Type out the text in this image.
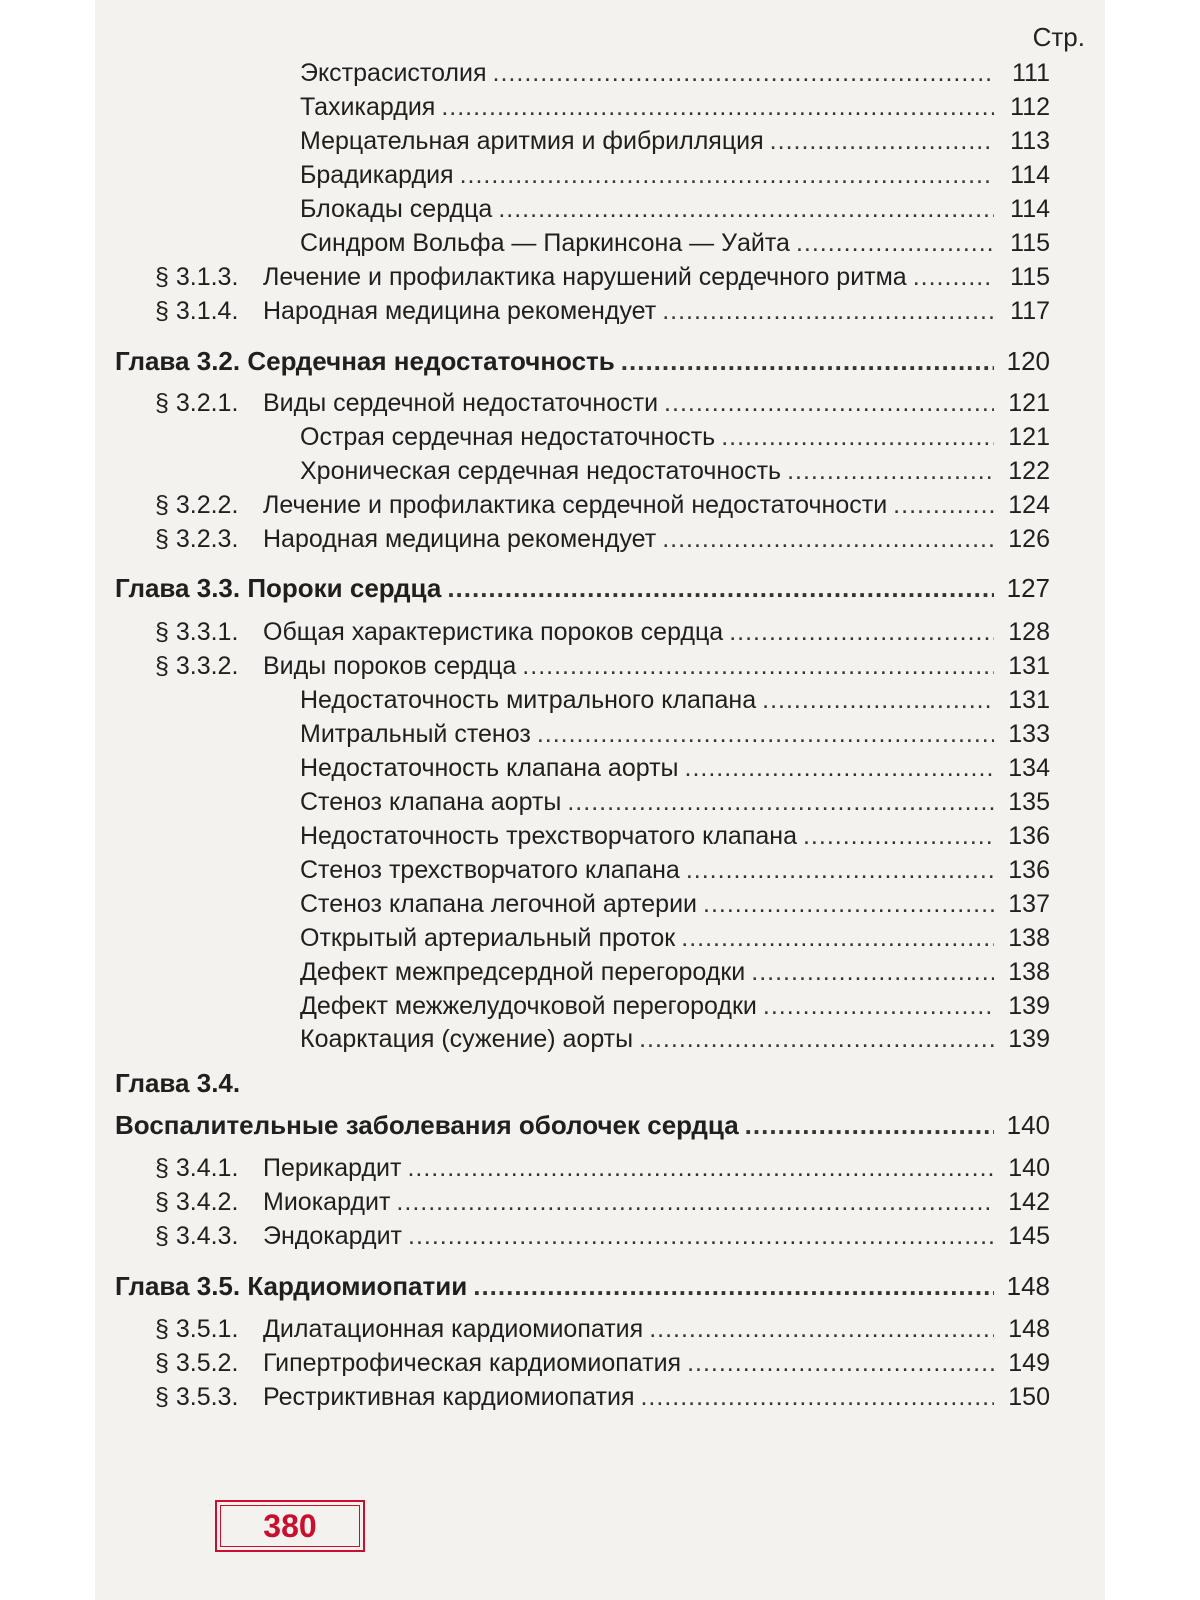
Стр.
Экстрасистолия .....	111
Тахикардия .....	112
Мерцательная аритмия и фибрилляция .....	113
Брадикардия .....	114
Блокады сердца .....	114
Синдром Вольфа — Паркинсона — Уайта .....	115
§ 3.1.3. Лечение и профилактика нарушений сердечного ритма .....	115
§ 3.1.4. Народная медицина рекомендует .....	117
Глава 3.2. Сердечная недостаточность .....	120
§ 3.2.1. Виды сердечной недостаточности .....	121
Острая сердечная недостаточность .....	121
Хроническая сердечная недостаточность .....	122
§ 3.2.2. Лечение и профилактика сердечной недостаточности .....	124
§ 3.2.3. Народная медицина рекомендует .....	126
Глава 3.3. Пороки сердца .....	127
§ 3.3.1. Общая характеристика пороков сердца .....	128
§ 3.3.2. Виды пороков сердца .....	131
Недостаточность митрального клапана .....	131
Митральный стеноз .....	133
Недостаточность клапана аорты .....	134
Стеноз клапана аорты .....	135
Недостаточность трехстворчатого клапана .....	136
Стеноз трехстворчатого клапана .....	136
Стеноз клапана легочной артерии .....	137
Открытый артериальный проток .....	138
Дефект межпредсердной перегородки .....	138
Дефект межжелудочковой перегородки .....	139
Коарктация (сужение) аорты .....	139
Глава 3.4.
Воспалительные заболевания оболочек сердца .....	140
§ 3.4.1. Перикардит .....	140
§ 3.4.2. Миокардит .....	142
§ 3.4.3. Эндокардит .....	145
Глава 3.5. Кардиомиопатии .....	148
§ 3.5.1. Дилатационная кардиомиопатия .....	148
§ 3.5.2. Гипертрофическая кардиомиопатия .....	149
§ 3.5.3. Рестриктивная кардиомиопатия .....	150
380
